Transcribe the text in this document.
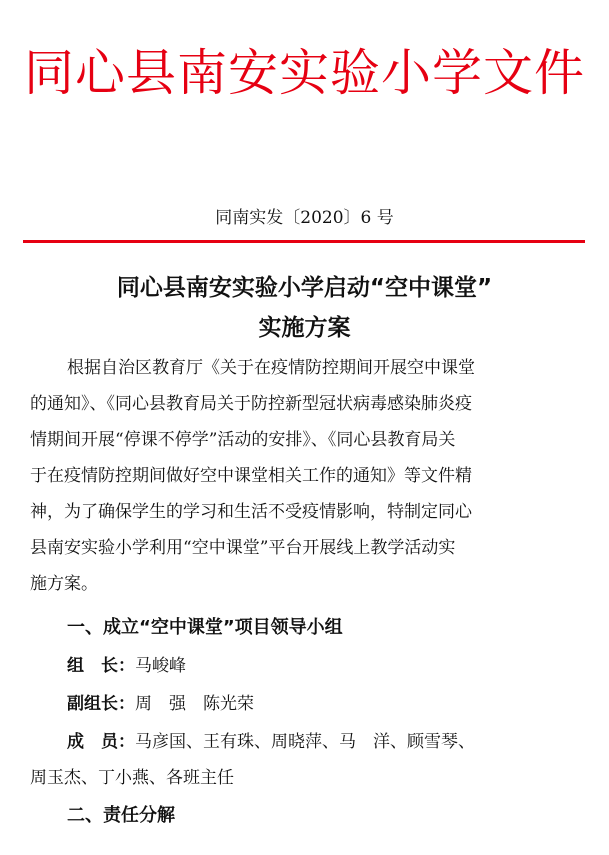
同心县南安实验小学文件
同南实发〔2020〕6 号
同心县南安实验小学启动“空中课堂”
实施方案
根据自治区教育厅《关于在疫情防控期间开展空中课堂
的通知》、《同心县教育局关于防控新型冠状病毒感染肺炎疫
情期间开展“停课不停学”活动的安排》、《同心县教育局关
于在疫情防控期间做好空中课堂相关工作的通知》等文件精
神，为了确保学生的学习和生活不受疫情影响，特制定同心
县南安实验小学利用“空中课堂”平台开展线上教学活动实
施方案。
一、成立“空中课堂”项目领导小组
组　长：马峻峰
副组长：周　强　陈光荣
成　员：马彦国、王有珠、周晓萍、马　洋、顾雪琴、
周玉杰、丁小燕、各班主任
二、责任分解
